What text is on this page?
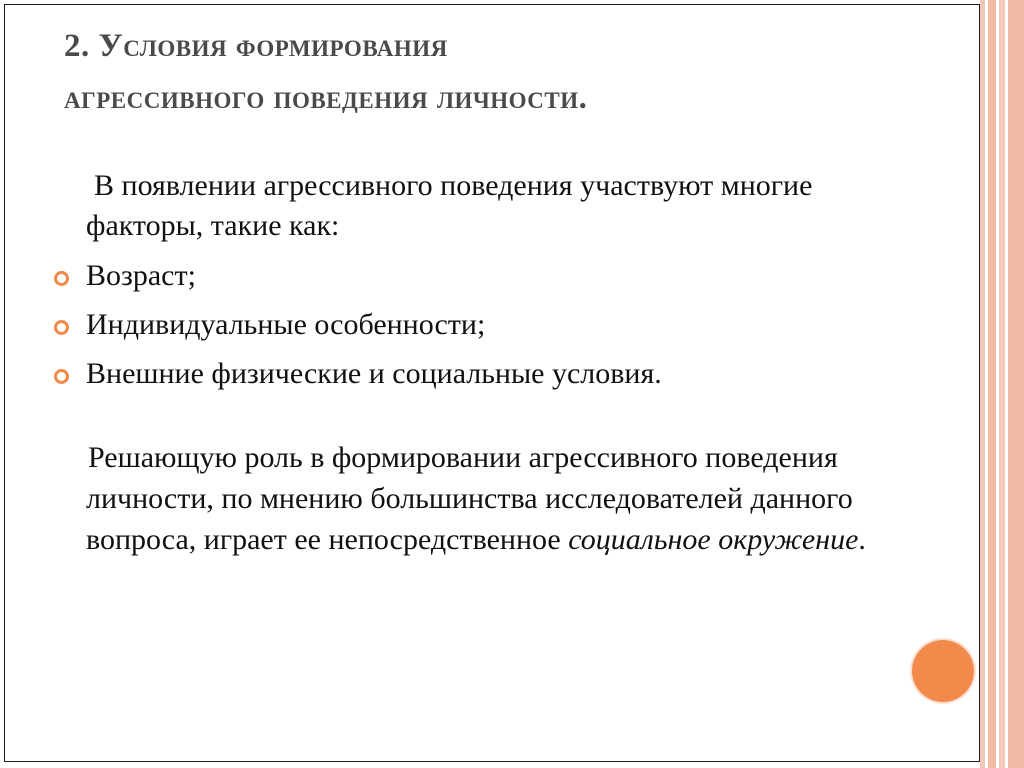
2. Условия формирования
агрессивного поведения личности.

В появлении агрессивного поведения участвуют многие факторы, такие как:

Возраст;
Индивидуальные особенности;
Внешние физические и социальные условия.

Решающую роль в формировании агрессивного поведения личности, по мнению большинства исследователей данного вопроса, играет ее непосредственное социальное окружение.
